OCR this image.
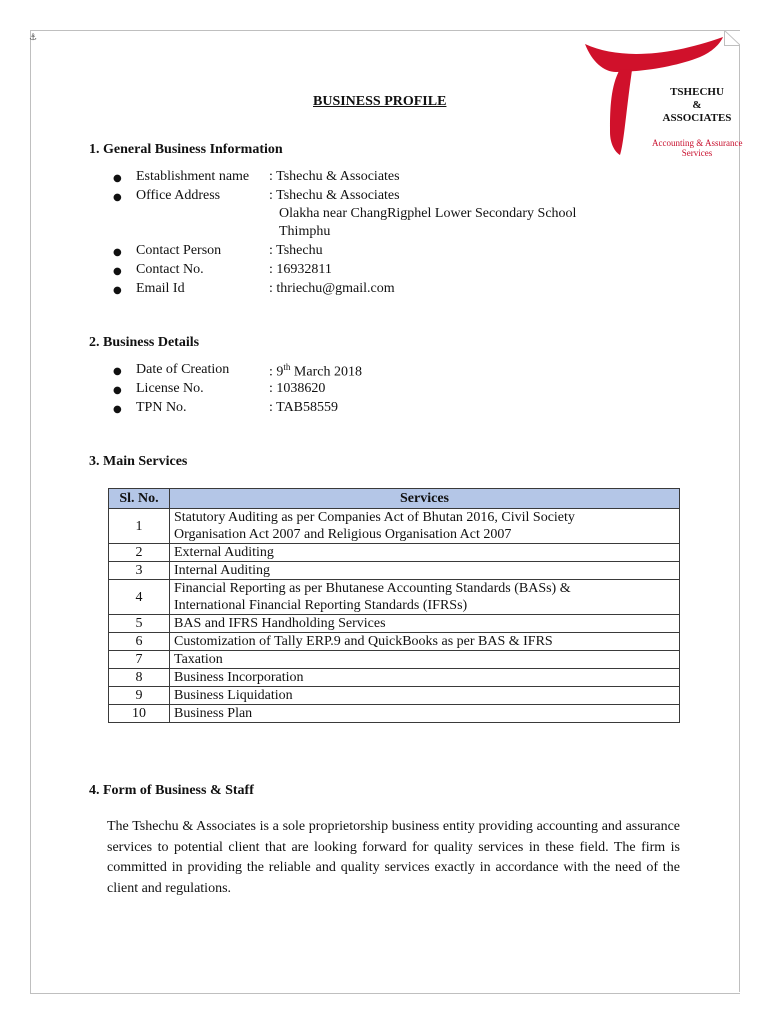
⚓
TSHECHU
&
ASSOCIATES
Accounting & Assurance
Services
BUSINESS PROFILE
1. General Business Information
● Establishment name : Tshechu & Associates
● Office Address	: Tshechu & Associates
Olakha near ChangRigphel Lower Secondary School
Thimphu
● Contact Person	: Tshechu
● Contact No.	: 16932811
● Email Id	: thriechu@gmail.com
2. Business Details
● Date of Creation	: 9th March 2018
● License No.	: 1038620
● TPN No.	: TAB58559
3. Main Services
Sl. No.	Services
1	Statutory Auditing as per Companies Act of Bhutan 2016, Civil Society
Organisation Act 2007 and Religious Organisation Act 2007

2	External Auditing
3	Internal Auditing
4	Financial Reporting as per Bhutanese Accounting Standards (BASs) &
International Financial Reporting Standards (IFRSs)

5	BAS and IFRS Handholding Services
6	Customization of Tally ERP.9 and QuickBooks as per BAS & IFRS
7	Taxation
8	Business Incorporation
9	Business Liquidation
10	Business Plan
4. Form of Business & Staff
The Tshechu & Associates is a sole proprietorship business entity providing accounting and assurance services to potential client that are looking forward for quality services in these field. The firm is committed in providing the reliable and quality services exactly in accordance with the need of the client and regulations.
